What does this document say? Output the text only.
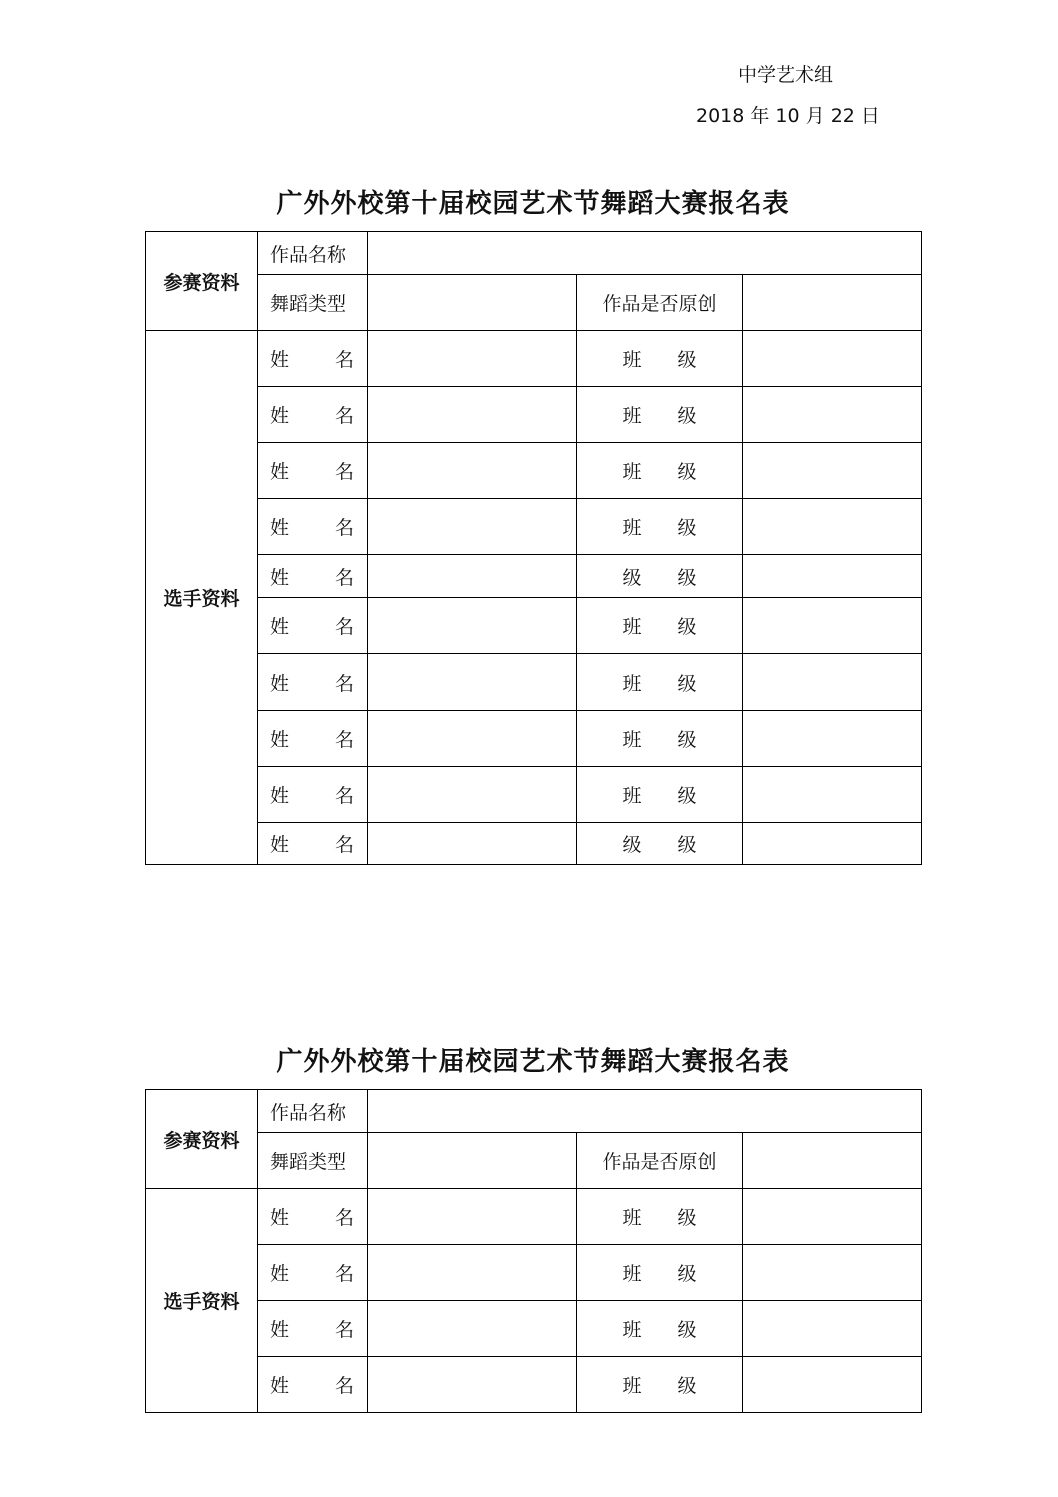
中学艺术组
2018 年 10 月 22 日
广外外校第十届校园艺术节舞蹈大赛报名表
参赛资料	作品名称			
	舞蹈类型		作品是否原创	
选手资料	姓 名		班 级	

	姓 名		班 级	

	姓 名		班 级	

	姓 名		班 级	

	姓 名		级 级	

	姓 名		班 级	

	姓 名		班 级	

	姓 名		班 级	

	姓 名		班 级	

	姓 名		级 级	

广外外校第十届校园艺术节舞蹈大赛报名表
参赛资料	作品名称			
	舞蹈类型		作品是否原创	
选手资料	姓 名		班 级	

	姓 名		班 级	

	姓 名		班 级	

	姓 名		班 级	
